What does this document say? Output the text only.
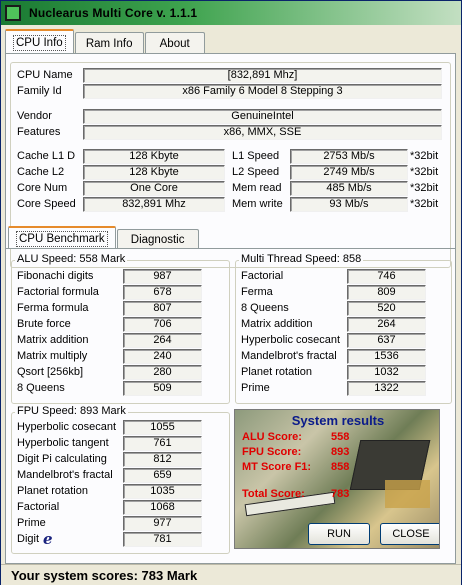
Nuclearus Multi Core v. 1.1.1
CPU Info	Ram Info	About
CPU Name	[832,891 Mhz]
Family Id	x86 Family 6 Model 8 Stepping 3
Vendor	GenuineIntel
Features	x86, MMX, SSE
Cache L1 D	128 Kbyte
Cache L2	128 Kbyte
Core Num	One Core
Core Speed	832,891 Mhz
L1 Speed	2753 Mb/s	*32bit
L2 Speed	2749 Mb/s	*32bit
Mem read	485 Mb/s	*32bit
Mem write	93 Mb/s	*32bit
CPU Benchmark	Diagnostic
ALU Speed: 558 Mark	Multi Thread Speed: 858
FPU Speed: 893 Mark
Fibonachi digits	987
Factorial formula	678
Ferma formula	807
Brute force	706
Matrix addition	264
Matrix multiply	240
Qsort [256kb]	280
8 Queens	509
Factorial	746
Ferma	809
8 Queens	520
Matrix addition	264
Hyperbolic cosecant	637
Mandelbrot's fractal	1536
Planet rotation	1032
Prime	1322
Hyperbolic cosecant	1055
Hyperbolic tangent	761
Digit Pi calculating	812
Mandelbrot's fractal	659
Planet rotation	1035
Factorial	1068
Prime	977
Digit e	781
System results
ALU Score:	558
FPU Score:	893
MT Score F1: 858
Total Score: 783
RUN	CLOSE
Your system scores: 783 Mark
